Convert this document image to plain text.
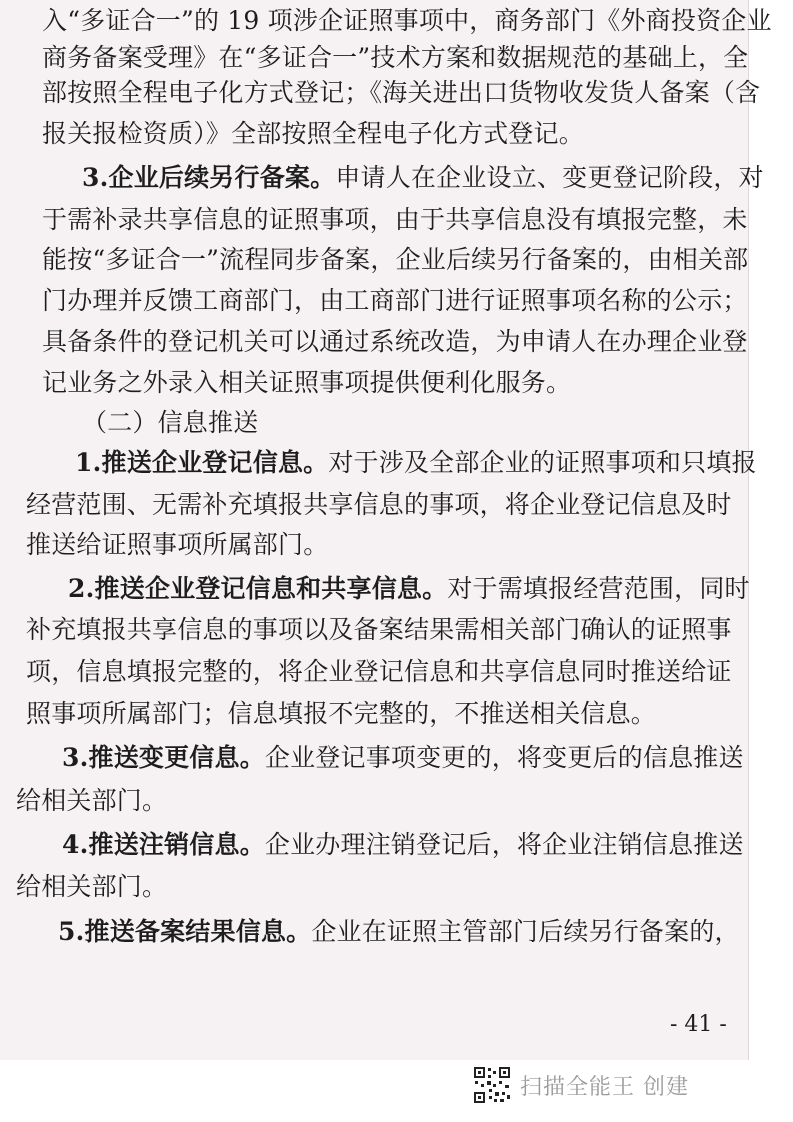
入“多证合一”的 19 项涉企证照事项中，商务部门《外商投资企业
商务备案受理》在“多证合一”技术方案和数据规范的基础上，全
部按照全程电子化方式登记；《海关进出口货物收发货人备案（含
报关报检资质）》全部按照全程电子化方式登记。
3.企业后续另行备案。申请人在企业设立、变更登记阶段，对
于需补录共享信息的证照事项，由于共享信息没有填报完整，未
能按“多证合一”流程同步备案，企业后续另行备案的，由相关部
门办理并反馈工商部门，由工商部门进行证照事项名称的公示；
具备条件的登记机关可以通过系统改造，为申请人在办理企业登
记业务之外录入相关证照事项提供便利化服务。
（二）信息推送
1.推送企业登记信息。对于涉及全部企业的证照事项和只填报
经营范围、无需补充填报共享信息的事项，将企业登记信息及时
推送给证照事项所属部门。
2.推送企业登记信息和共享信息。对于需填报经营范围，同时
补充填报共享信息的事项以及备案结果需相关部门确认的证照事
项，信息填报完整的，将企业登记信息和共享信息同时推送给证
照事项所属部门；信息填报不完整的，不推送相关信息。
3.推送变更信息。企业登记事项变更的，将变更后的信息推送
给相关部门。
4.推送注销信息。企业办理注销登记后，将企业注销信息推送
给相关部门。
5.推送备案结果信息。企业在证照主管部门后续另行备案的，
- 41 -
扫描全能王 创建
